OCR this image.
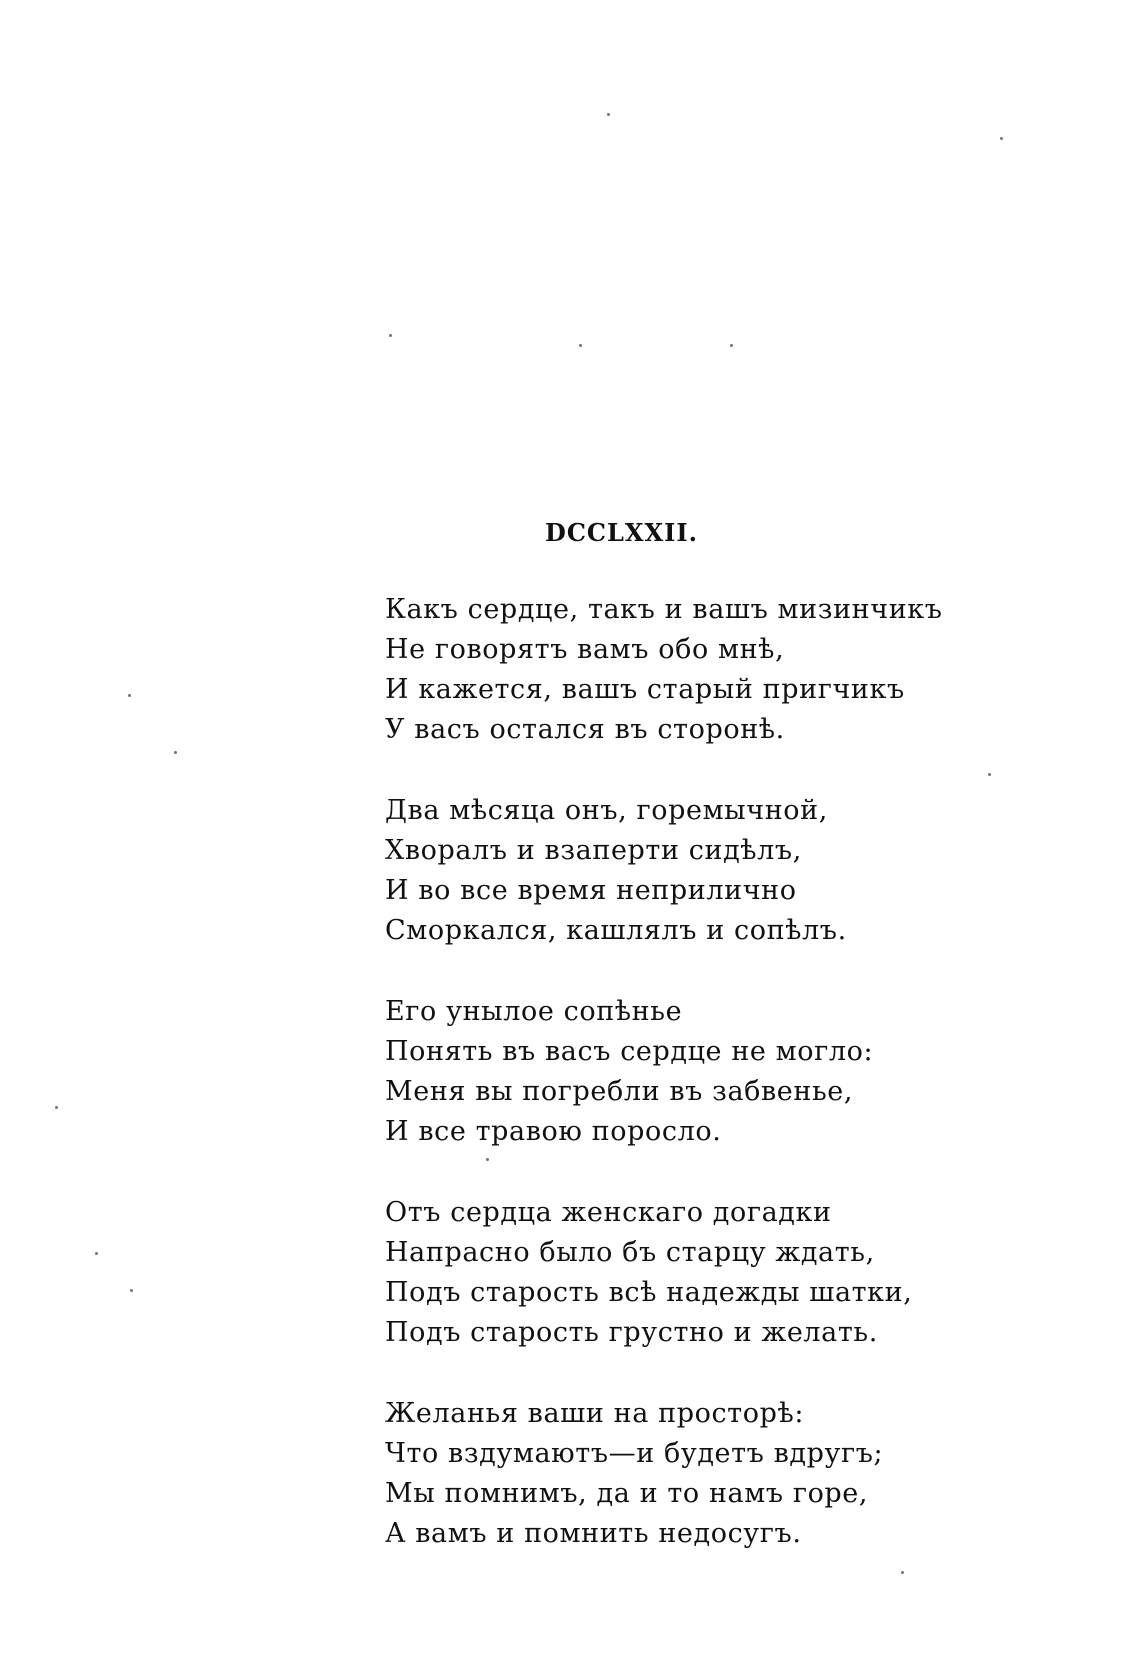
DCCLXXII.
Какъ сердце, такъ и вашъ мизинчикъ
Не говорятъ вамъ обо мнѣ,
И кажется, вашъ старый пригчикъ
У васъ остался въ сторонѣ.
Два мѣсяца онъ, горемычной,
Хворалъ и взаперти сидѣлъ,
И во все время неприлично
Сморкался, кашлялъ и сопѣлъ.
Его унылое сопѣнье
Понять въ васъ сердце не могло:
Меня вы погребли въ забвенье,
И все травою поросло.
Отъ сердца женскаго догадки
Напрасно было бъ старцу ждать,
Подъ старость всѣ надежды шатки,
Подъ старость грустно и желать.
Желанья ваши на просторѣ:
Что вздумаютъ—и будетъ вдругъ;
Мы помнимъ, да и то намъ горе,
А вамъ и помнить недосугъ.
